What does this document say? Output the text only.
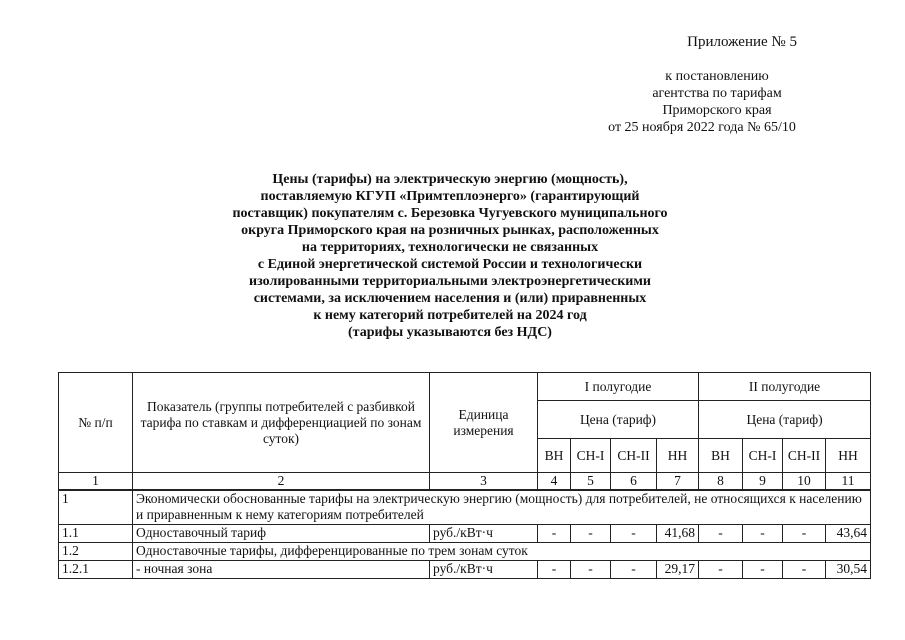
Приложение № 5
к постановлению
агентства по тарифам
Приморского края
от 25 ноября 2022 года № 65/10
Цены (тарифы) на электрическую энергию (мощность),
поставляемую КГУП «Примтеплоэнерго» (гарантирующий
поставщик) покупателям с. Березовка Чугуевского муниципального
округа Приморского края на розничных рынках, расположенных
на территориях, технологически не связанных
с Единой энергетической системой России и технологически
изолированными территориальными электроэнергетическими
системами, за исключением населения и (или) приравненных
к нему категорий потребителей на 2024 год
(тарифы указываются без НДС)
№ п/п	Показатель (группы потребителей с разбивкой тарифа по ставкам и дифференциацией по зонам суток)	Единица измерения	I полугодие				II полугодие			
			Цена (тариф)				Цена (тариф)			
			ВН	СН-I	СН-II	НН	ВН	СН-I	СН-II	НН
1	2	3	4	5	6	7	8	9	10	11
1	Экономически обоснованные тарифы на электрическую энергию (мощность) для потребителей, не относящихся к населению и приравненным к нему категориям потребителей									
1.1	Одноставочный тариф	руб./кВт·ч	-	-	-	41,68	-	-	-	43,64
1.2	Одноставочные тарифы, дифференцированные по трем зонам суток									
1.2.1	- ночная зона	руб./кВт·ч	-	-	-	29,17	-	-	-	30,54
